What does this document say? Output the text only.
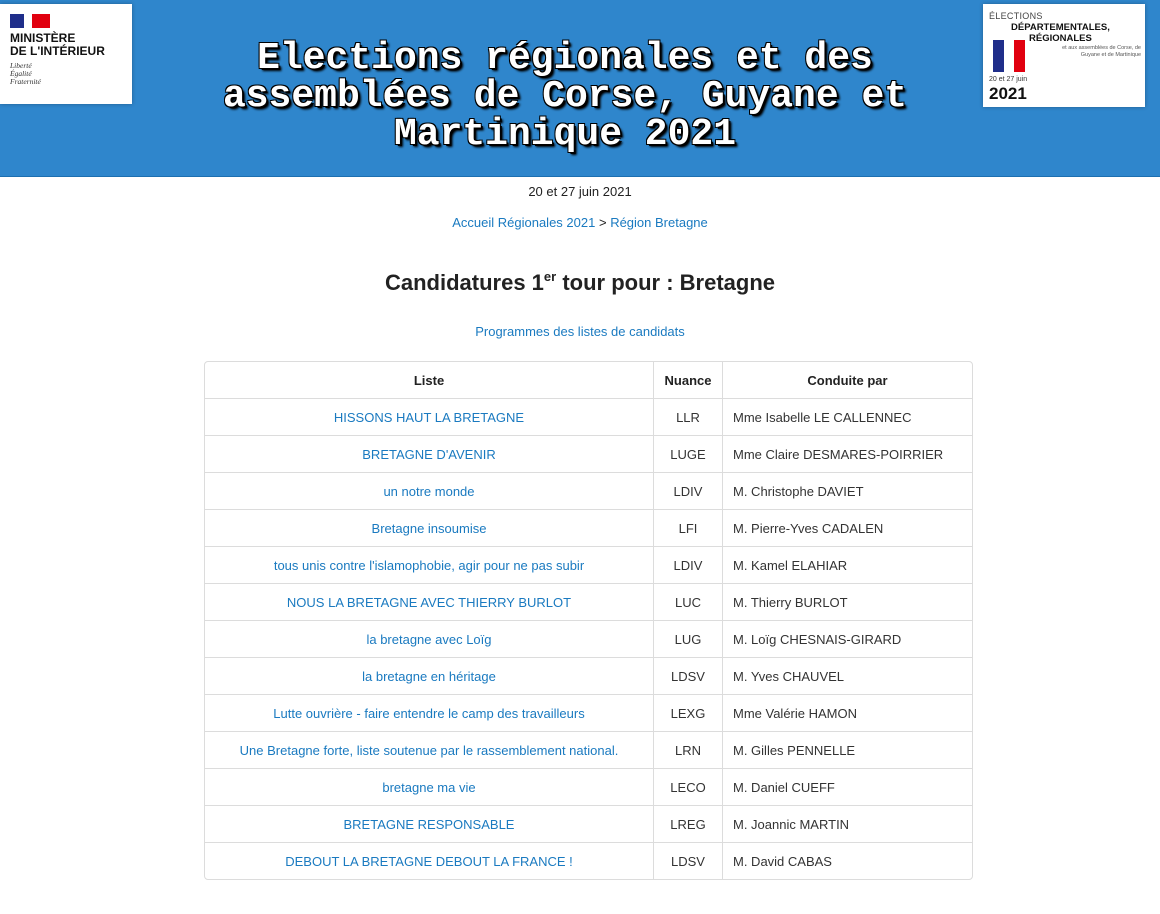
MINISTÈRE
DE L'INTÉRIEUR
Liberté
Égalité
Fraternité
Elections régionales et des assemblées de Corse, Guyane et Martinique 2021
ÉLECTIONS
DÉPARTEMENTALES,
RÉGIONALES
et aux assemblées de Corse, de Guyane et de Martinique
20 et 27 juin
2021
20 et 27 juin 2021
Accueil Régionales 2021 > Région Bretagne
Candidatures 1er tour pour : Bretagne
Programmes des listes de candidats
Liste	Nuance	Conduite par
HISSONS HAUT LA BRETAGNE	LLR	Mme Isabelle LE CALLENNEC
BRETAGNE D'AVENIR	LUGE	Mme Claire DESMARES-POIRRIER
un notre monde	LDIV	M. Christophe DAVIET
Bretagne insoumise	LFI	M. Pierre-Yves CADALEN
tous unis contre l'islamophobie, agir pour ne pas subir	LDIV	M. Kamel ELAHIAR
NOUS LA BRETAGNE AVEC THIERRY BURLOT	LUC	M. Thierry BURLOT
la bretagne avec Loïg	LUG	M. Loïg CHESNAIS-GIRARD
la bretagne en héritage	LDSV	M. Yves CHAUVEL
Lutte ouvrière - faire entendre le camp des travailleurs	LEXG	Mme Valérie HAMON
Une Bretagne forte, liste soutenue par le rassemblement national.	LRN	M. Gilles PENNELLE
bretagne ma vie	LECO	M. Daniel CUEFF
BRETAGNE RESPONSABLE	LREG	M. Joannic MARTIN
DEBOUT LA BRETAGNE DEBOUT LA FRANCE !	LDSV	M. David CABAS
